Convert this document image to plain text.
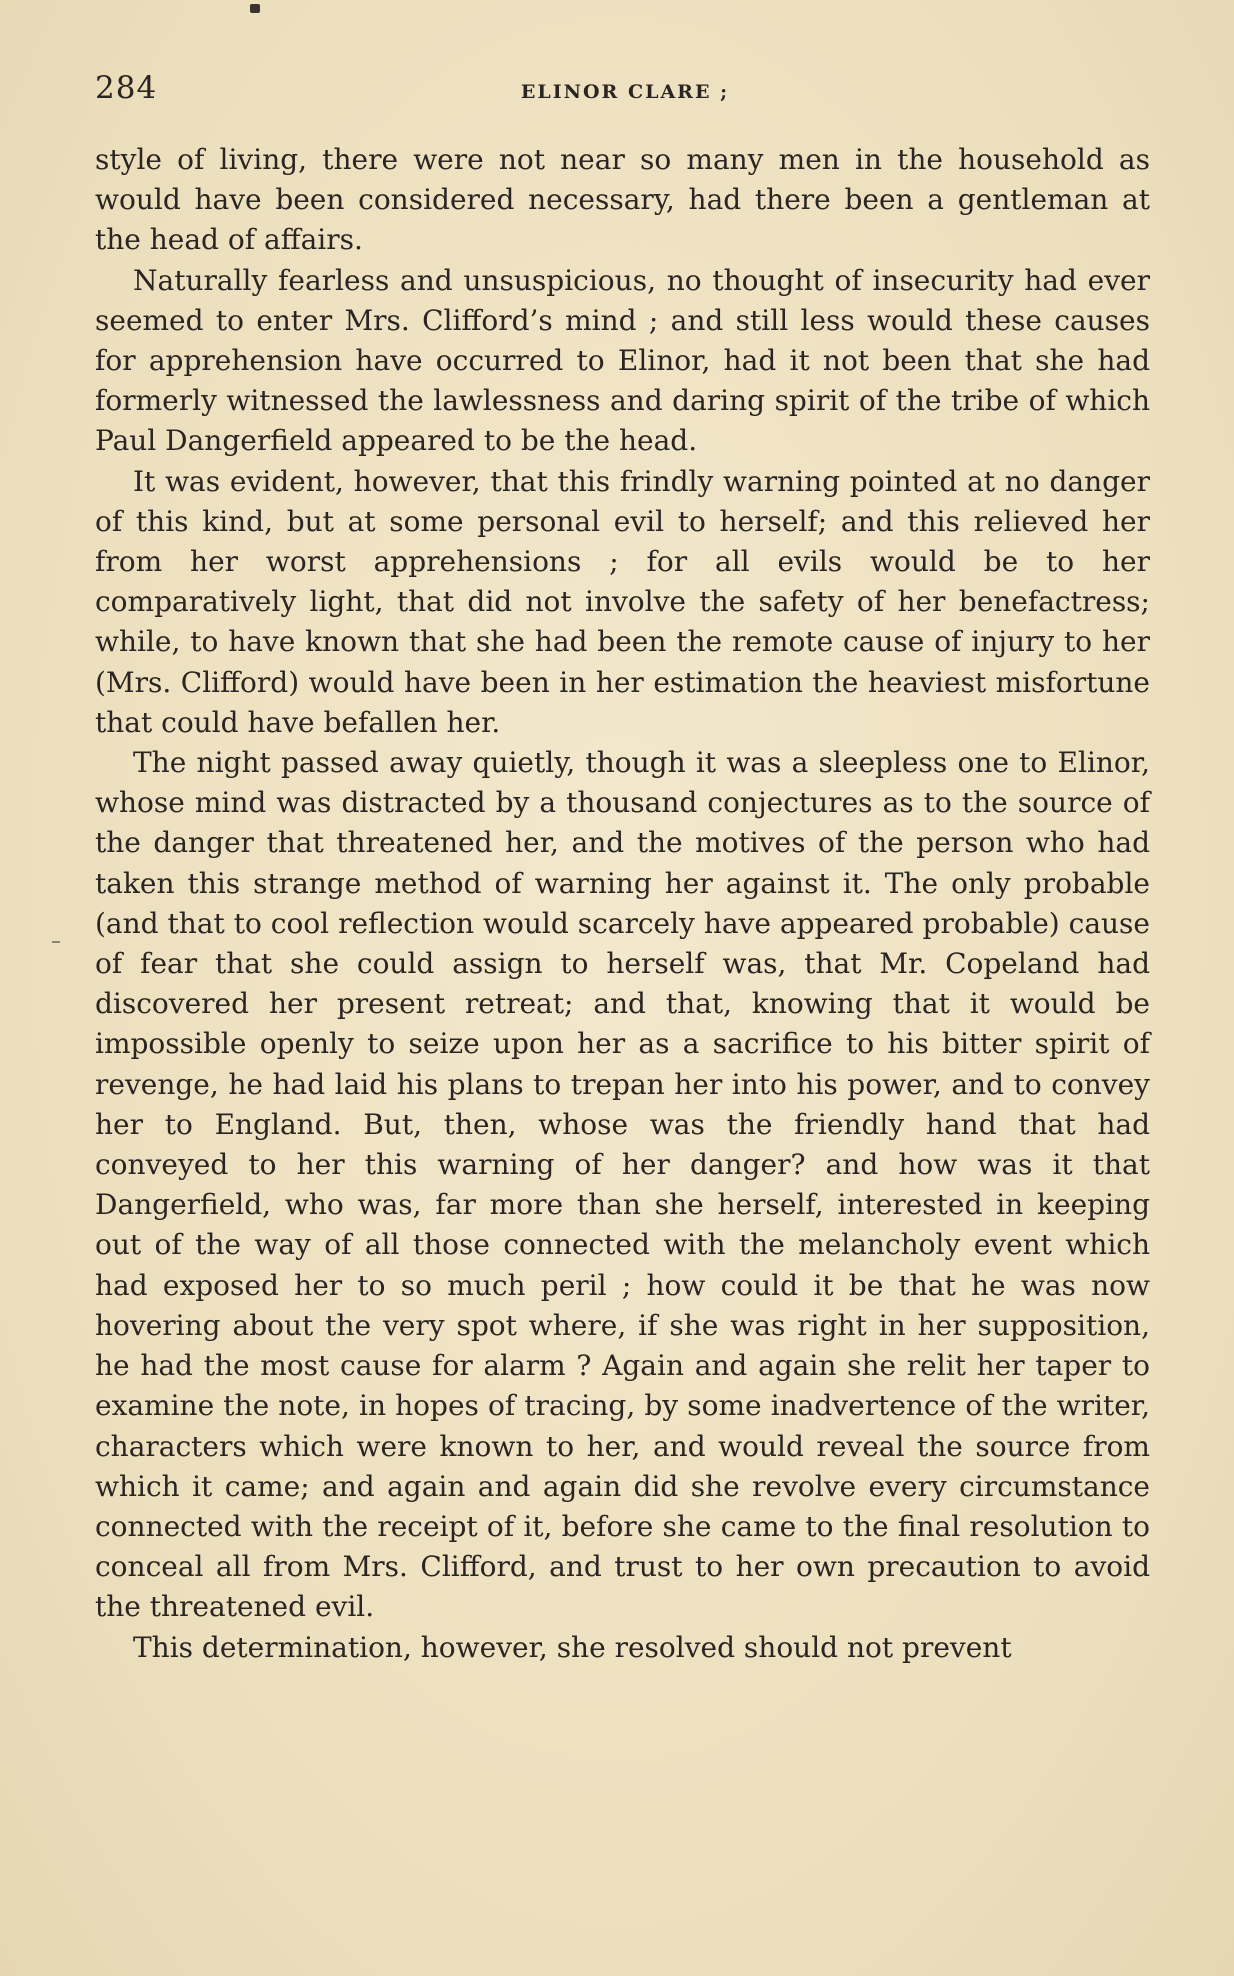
284	ELINOR CLARE ;

style of living, there were not near so many men in the household as would have been considered necessary, had there been a gentleman at the head of affairs.

Naturally fearless and unsuspicious, no thought of insecurity had ever seemed to enter Mrs. Clifford’s mind ; and still less would these causes for apprehension have occurred to Elinor, had it not been that she had formerly witnessed the lawlessness and daring spirit of the tribe of which Paul Dangerfield appeared to be the head.

It was evident, however, that this frindly warning pointed at no danger of this kind, but at some personal evil to herself; and this relieved her from her worst apprehensions ; for all evils would be to her comparatively light, that did not involve the safety of her benefactress; while, to have known that she had been the remote cause of injury to her (Mrs. Clifford) would have been in her estimation the heaviest misfortune that could have befallen her.

The night passed away quietly, though it was a sleepless one to Elinor, whose mind was distracted by a thousand conjectures as to the source of the danger that threatened her, and the motives of the person who had taken this strange method of warning her against it. The only probable (and that to cool reflection would scarcely have appeared probable) cause of fear that she could assign to herself was, that Mr. Copeland had discovered her present retreat; and that, knowing that it would be impossible openly to seize upon her as a sacrifice to his bitter spirit of revenge, he had laid his plans to trepan her into his power, and to convey her to England. But, then, whose was the friendly hand that had conveyed to her this warning of her danger? and how was it that Dangerfield, who was, far more than she herself, interested in keeping out of the way of all those connected with the melancholy event which had exposed her to so much peril ; how could it be that he was now hovering about the very spot where, if she was right in her supposition, he had the most cause for alarm ? Again and again she relit her taper to examine the note, in hopes of tracing, by some inadvertence of the writer, characters which were known to her, and would reveal the source from which it came; and again and again did she revolve every circumstance connected with the receipt of it, before she came to the final resolution to conceal all from Mrs. Clifford, and trust to her own precaution to avoid the threatened evil.

This determination, however, she resolved should not prevent
